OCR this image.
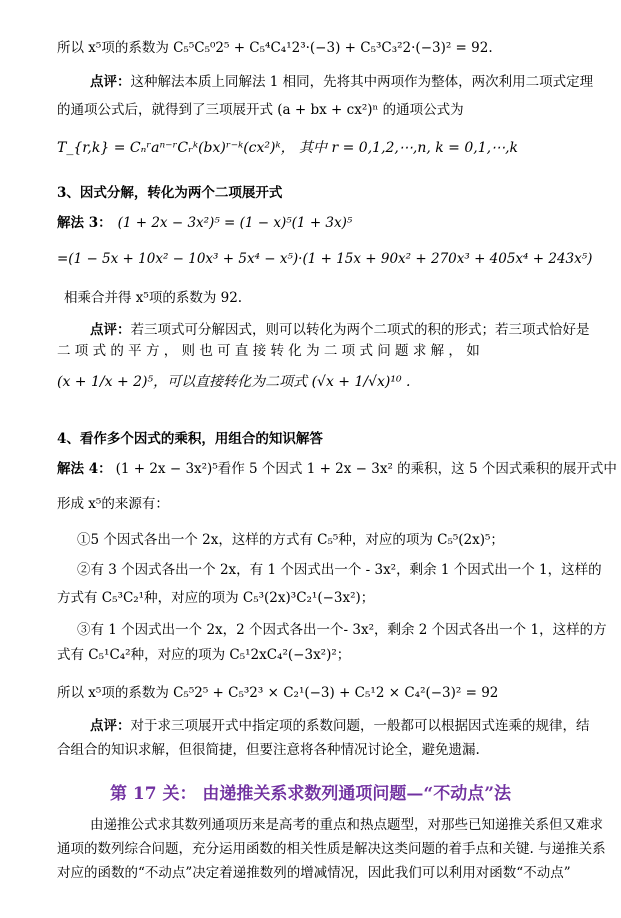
所以 x⁵项的系数为 C₅⁵C₅⁰2⁵ + C₅⁴C₄¹2³·(−3) + C₅³C₃²2·(−3)² = 92.
点评：这种解法本质上同解法 1 相同，先将其中两项作为整体，两次利用二项式定理
的通项公式后，就得到了三项展开式 (a + bx + cx²)ⁿ 的通项公式为
T_{r,k} = Cₙʳaⁿ⁻ʳCᵣᵏ(bx)ʳ⁻ᵏ(cx²)ᵏ， 其中 r = 0,1,2,⋯,n, k = 0,1,⋯,k
3、因式分解，转化为两个二项展开式
解法 3： (1 + 2x − 3x²)⁵ = (1 − x)⁵(1 + 3x)⁵
=(1 − 5x + 10x² − 10x³ + 5x⁴ − x⁵)·(1 + 15x + 90x² + 270x³ + 405x⁴ + 243x⁵)
相乘合并得 x⁵项的系数为 92.
点评：若三项式可分解因式，则可以转化为两个二项式的积的形式；若三项式恰好是
二 项 式 的 平 方 ， 则 也 可 直 接 转 化 为 二 项 式 问 题 求 解 ， 如
(x + 1/x + 2)⁵，可以直接转化为二项式 (√x + 1/√x)¹⁰ .
4、看作多个因式的乘积，用组合的知识解答
解法 4： (1 + 2x − 3x²)⁵看作 5 个因式 1 + 2x − 3x² 的乘积，这 5 个因式乘积的展开式中
形成 x⁵的来源有：
①5 个因式各出一个 2x，这样的方式有 C₅⁵种，对应的项为 C₅⁵(2x)⁵；
②有 3 个因式各出一个 2x，有 1 个因式出一个 - 3x²，剩余 1 个因式出一个 1，这样的
方式有 C₅³C₂¹种，对应的项为 C₅³(2x)³C₂¹(−3x²)；
③有 1 个因式出一个 2x，2 个因式各出一个- 3x²，剩余 2 个因式各出一个 1，这样的方
式有 C₅¹C₄²种，对应的项为 C₅¹2xC₄²(−3x²)²；
所以 x⁵项的系数为 C₅⁵2⁵ + C₅³2³ × C₂¹(−3) + C₅¹2 × C₄²(−3)² = 92
点评：对于求三项展开式中指定项的系数问题，一般都可以根据因式连乘的规律，结
合组合的知识求解，但很简捷，但要注意将各种情况讨论全，避免遗漏.
第 17 关： 由递推关系求数列通项问题—“不动点”法
由递推公式求其数列通项历来是高考的重点和热点题型，对那些已知递推关系但又难求
通项的数列综合问题，充分运用函数的相关性质是解决这类问题的着手点和关键. 与递推关系
对应的函数的“不动点”决定着递推数列的增减情况，因此我们可以利用对函数“不动点”
